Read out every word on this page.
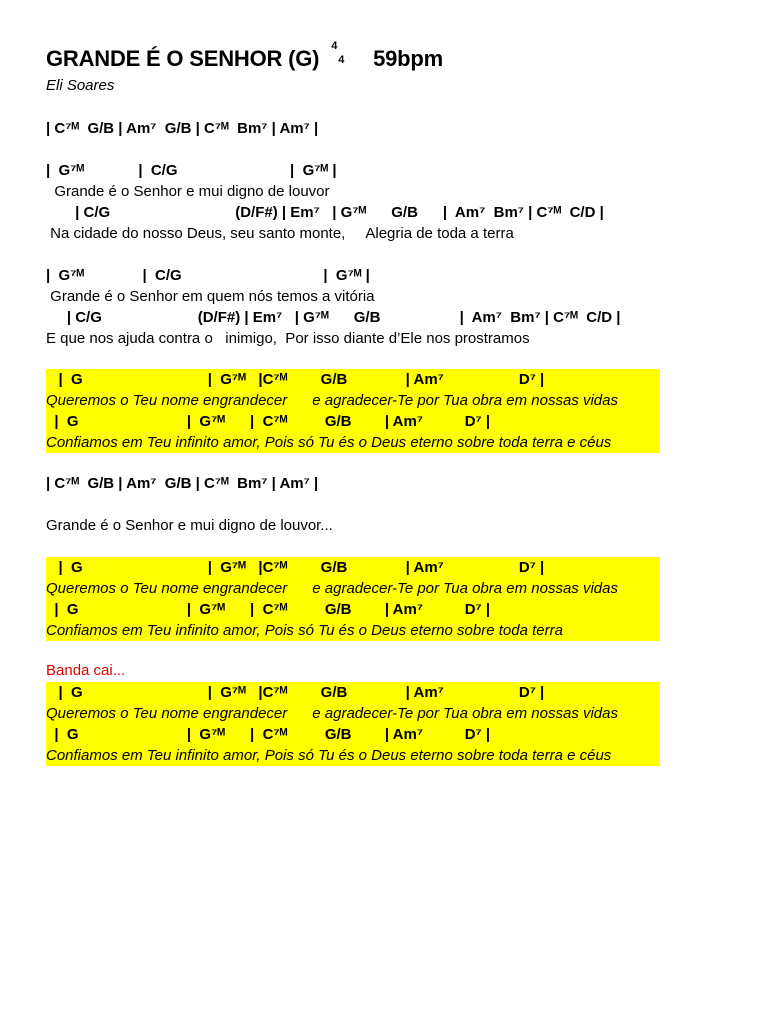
GRANDE É O SENHOR (G) 4
4 59bpm
Eli Soares
| C⁷ᴹ  G/B | Am⁷  G/B | C⁷ᴹ  Bm⁷ | Am⁷ |
|  G⁷ᴹ             |  C/G                           |  G⁷ᴹ |
Grande é o Senhor e mui digno de louvor
| C/G                              (D/F#) | Em⁷   | G⁷ᴹ      G/B      |  Am⁷  Bm⁷ | C⁷ᴹ  C/D |
Na cidade do nosso Deus, seu santo monte,     Alegria de toda a terra
|  G⁷ᴹ              |  C/G                                  |  G⁷ᴹ |
Grande é o Senhor em quem nós temos a vitória
| C/G                       (D/F#) | Em⁷   | G⁷ᴹ      G/B                   |  Am⁷  Bm⁷ | C⁷ᴹ  C/D |
E que nos ajuda contra o   inimigo,  Por isso diante d’Ele nos prostramos
|  G                              |  G⁷ᴹ   |C⁷ᴹ        G/B              | Am⁷                  D⁷ |
Queremos o Teu nome engrandecer      e agradecer-Te por Tua obra em nossas vidas
|  G                          |  G⁷ᴹ      |  C⁷ᴹ         G/B        | Am⁷          D⁷ |
Confiamos em Teu infinito amor, Pois só Tu és o Deus eterno sobre toda terra e céus
| C⁷ᴹ  G/B | Am⁷  G/B | C⁷ᴹ  Bm⁷ | Am⁷ |
Grande é o Senhor e mui digno de louvor...
|  G                              |  G⁷ᴹ   |C⁷ᴹ        G/B              | Am⁷                  D⁷ |
Queremos o Teu nome engrandecer      e agradecer-Te por Tua obra em nossas vidas
|  G                          |  G⁷ᴹ      |  C⁷ᴹ         G/B        | Am⁷          D⁷ |
Confiamos em Teu infinito amor, Pois só Tu és o Deus eterno sobre toda terra
Banda cai...
|  G                              |  G⁷ᴹ   |C⁷ᴹ        G/B              | Am⁷                  D⁷ |
Queremos o Teu nome engrandecer      e agradecer-Te por Tua obra em nossas vidas
|  G                          |  G⁷ᴹ      |  C⁷ᴹ         G/B        | Am⁷          D⁷ |
Confiamos em Teu infinito amor, Pois só Tu és o Deus eterno sobre toda terra e céus
